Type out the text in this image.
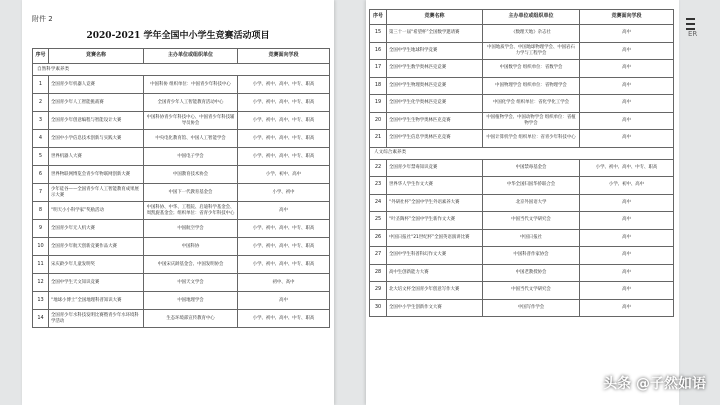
附件 2
2020-2021 学年全国中小学生竞赛活动项目
序号	竞赛名称	主办单位或组织单位	竞赛面向学段
自然科学素养类			
1	全国青少年机器人竞赛	中国科协 组织单位：中国青少年科技中心	小学、初中、高中、中专、职高
2	全国青少年人工智能挑战赛	全国青少年人工智能教育活动中心	小学、初中、高中、中专、职高
3	全国青少年创意编程与智能设计大赛	中国科协青少年科技中心、中国青少年科技辅导员协会	小学、初中、高中、中专、职高
4	全国中小学信息技术创新与实践大赛	中央电化教育馆、中国人工智能学会	小学、初中、高中、中专、职高
5	世界机器人大赛	中国电子学会	小学、初中、高中、中专、职高
6	世界物联网博览会青少年物联网创新大赛	中国教育技术协会	小学、初中、高中
7	少年硅谷——全国青少年人工智能教育成果展示大赛	中国下一代教育基金会	小学、初中
8	“明天小小科学家”奖励活动	中国科协、中华、工程院、启迪科学基金会、周凯旋基金会；组织单位：省青少年科技中心	高中
9	全国青少年无人机大赛	中国航空学会	小学、初中、高中、中专、职高
10	全国青少年航天创新竞赛作品大赛	中国科协	小学、初中、高中、中专、职高
11	宋庆龄少年儿童发明奖	中国宋庆龄基金会、中国发明协会	小学、初中、高中、中专、职高
12	全国中学生天文知识竞赛	中国天文学会	初中、高中
13	“地球小博士”全国地理科普知识大赛	中国地理学会	高中
14	全国青少年水科技发明比赛暨青少年水环境科学活动	生态环境部宣传教育中心	小学、初中、高中、中专、职高
序号	竞赛名称	主办单位或组织单位	竞赛面向学段
15	第三十一届“希望杯”全国数学邀请赛	《数理天地》杂志社	高中
16	全国中学生地球科学竞赛	中国地质学会、中国地球物理学会、中国岩石力学与工程学会	高中
17	全国中学生数学奥林匹克竞赛	中国数学会 组织单位：省数学会	高中
18	全国中学生物理奥林匹克竞赛	中国物理学会 组织单位：省物理学会	高中
19	全国中学生化学奥林匹克竞赛	中国化学会 组织单位：省化学化工学会	高中
20	全国中学生生物学奥林匹克竞赛	中国植物学会、中国动物学会 组织单位：省植物学会	高中
21	全国中学生信息学奥林匹克竞赛	中国计算机学会 组织单位：省青少年科技中心	高中
人文综合素养类			
22	全国青少年禁毒知识竞赛	中国禁毒基金会	小学、初中、高中、中专、职高
23	世界华人学生作文大赛	中华全国归国华侨联合会	小学、初中、高中
24	“外研社杯”全国中学生外语素养大赛	北京外国语大学	高中
25	“叶圣陶杯”全国中学生新作文大赛	中国当代文学研究会	高中
26	中国日报社“21世纪杯”全国英语演讲比赛	中国日报社	高中
27	全国中学生科普科幻作文大赛	中国科普作家协会	高中
28	高中生创新能力大赛	中国老教授协会	高中
29	北大培文杯全国青少年创意写作大赛	中国当代文学研究会	高中
30	全国中小学生创新作文大赛	中国写作学会	高中
ER
头条 @子然如语
